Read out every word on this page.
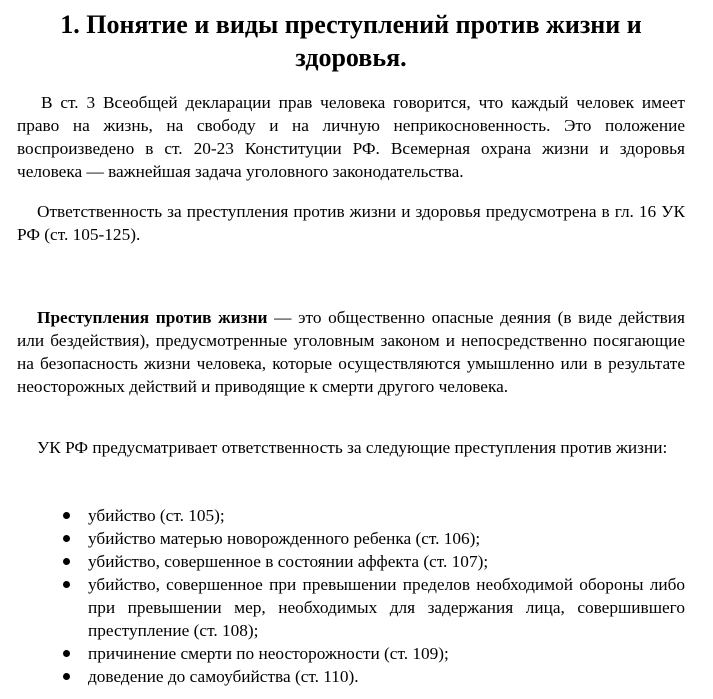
1. Понятие и виды преступлений против жизни и здоровья.

В ст. 3 Всеобщей декларации прав человека говорится, что каждый человек имеет право на жизнь, на свободу и на личную неприкосновенность. Это положение воспроизведено в ст. 20-23 Конституции РФ. Всемерная охрана жизни и здоровья человека — важнейшая задача уголовного законодательства.

Ответственность за преступления против жизни и здоровья предусмотрена в гл. 16 УК РФ (ст. 105-125).

Преступления против жизни — это общественно опасные деяния (в виде действия или бездействия), предусмотренные уголовным законом и непосредственно посягающие на безопасность жизни человека, которые осуществляются умышленно или в результате неосторожных действий и приводящие к смерти другого человека.

УК РФ предусматривает ответственность за следующие преступления против жизни:

убийство (ст. 105);
убийство матерью новорожденного ребенка (ст. 106);
убийство, совершенное в состоянии аффекта (ст. 107);
убийство, совершенное при превышении пределов необходимой обороны либо при превышении мер, необходимых для задержания лица, совершившего преступление (ст. 108);
причинение смерти по неосторожности (ст. 109);
доведение до самоубийства (ст. 110).
